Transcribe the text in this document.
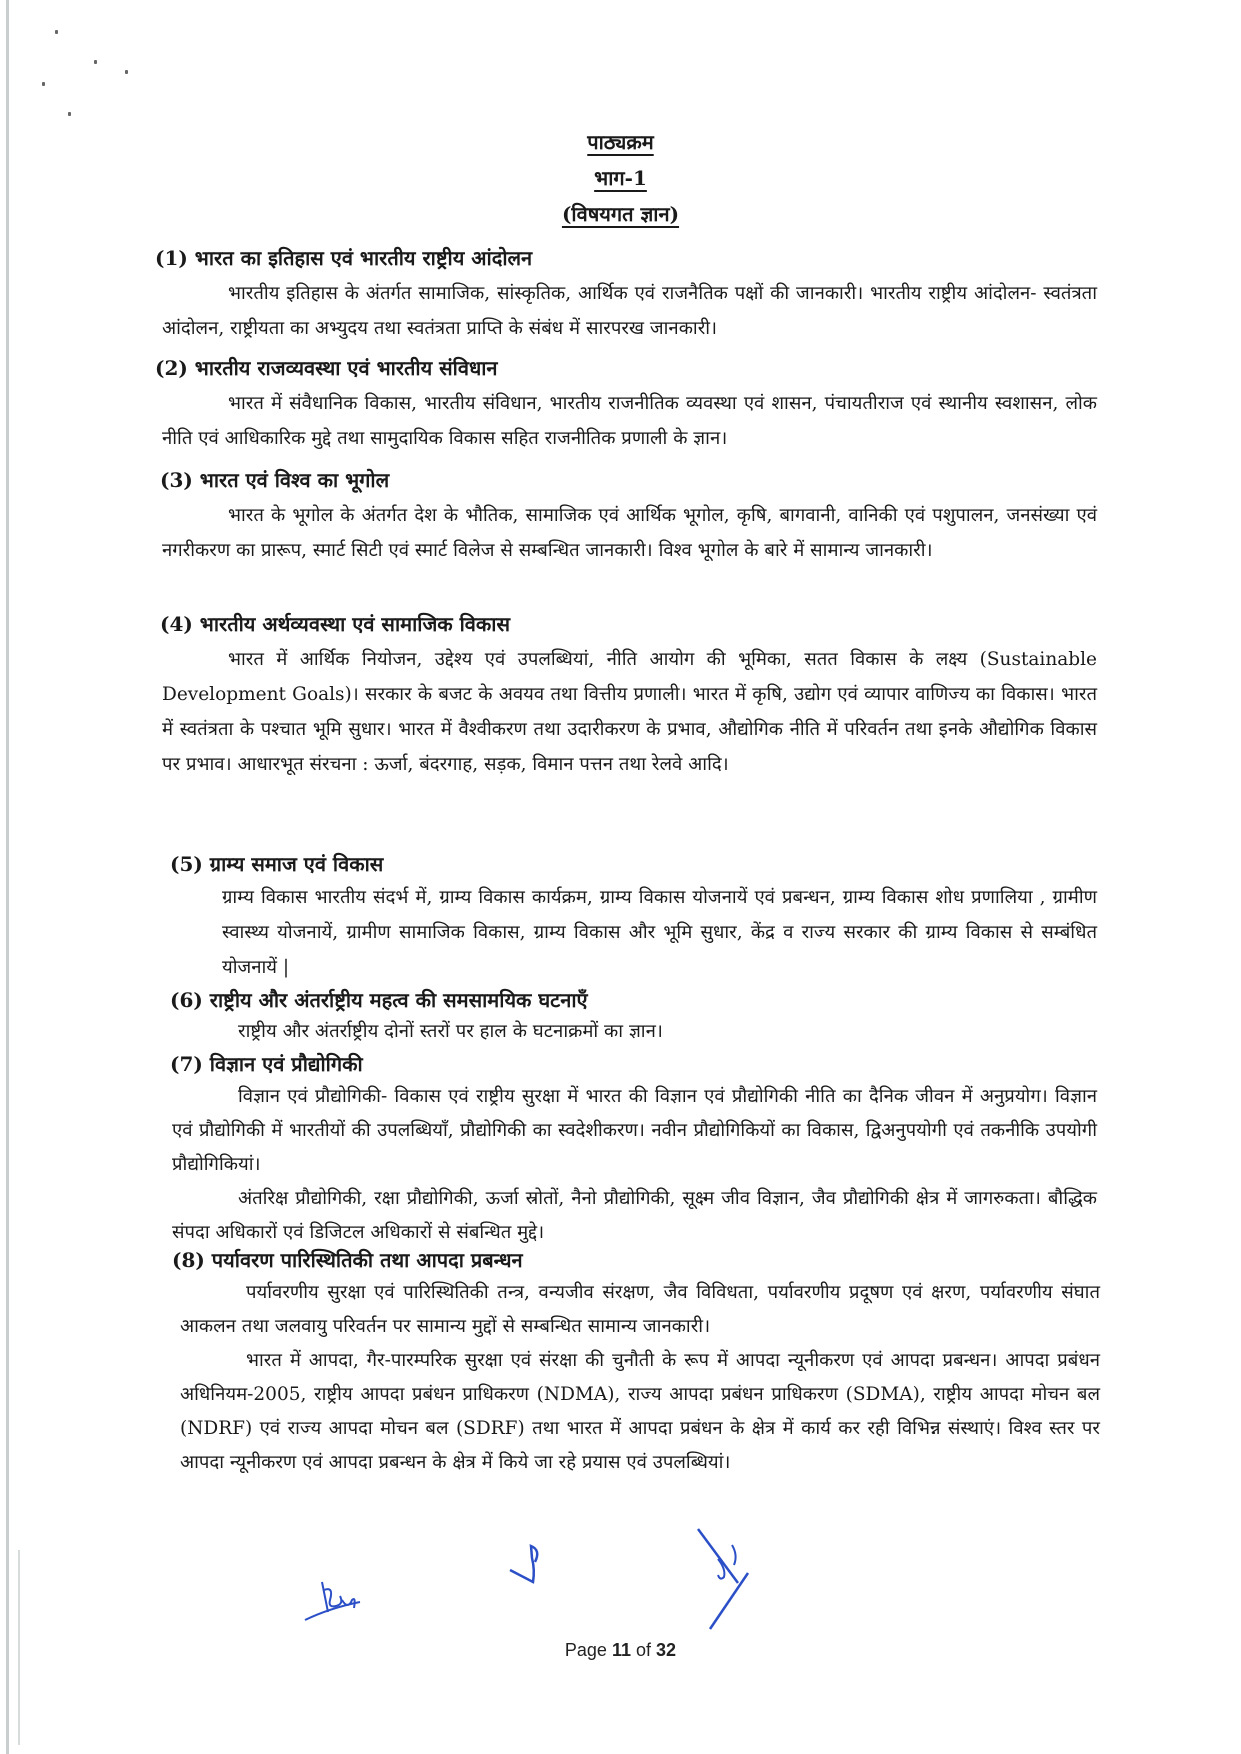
पाठ्यक्रम
भाग-1
(विषयगत ज्ञान)
(1) भारत का इतिहास एवं भारतीय राष्ट्रीय आंदोलन
भारतीय इतिहास के अंतर्गत सामाजिक, सांस्कृतिक, आर्थिक एवं राजनैतिक पक्षों की जानकारी। भारतीय राष्ट्रीय आंदोलन- स्वतंत्रता आंदोलन, राष्ट्रीयता का अभ्युदय तथा स्वतंत्रता प्राप्ति के संबंध में सारपरख जानकारी।
(2) भारतीय राजव्यवस्था एवं भारतीय संविधान
भारत में संवैधानिक विकास, भारतीय संविधान, भारतीय राजनीतिक व्यवस्था एवं शासन, पंचायतीराज एवं स्थानीय स्वशासन, लोक नीति एवं आधिकारिक मुद्दे तथा सामुदायिक विकास सहित राजनीतिक प्रणाली के ज्ञान।
(3) भारत एवं विश्व का भूगोल
भारत के भूगोल के अंतर्गत देश के भौतिक, सामाजिक एवं आर्थिक भूगोल, कृषि, बागवानी, वानिकी एवं पशुपालन, जनसंख्या एवं नगरीकरण का प्रारूप, स्मार्ट सिटी एवं स्मार्ट विलेज से सम्बन्धित जानकारी। विश्व भूगोल के बारे में सामान्य जानकारी।
(4) भारतीय अर्थव्यवस्था एवं सामाजिक विकास
भारत में आर्थिक नियोजन, उद्देश्य एवं उपलब्धियां, नीति आयोग की भूमिका, सतत विकास के लक्ष्य (Sustainable Development Goals)। सरकार के बजट के अवयव तथा वित्तीय प्रणाली। भारत में कृषि, उद्योग एवं व्यापार वाणिज्य का विकास। भारत में स्वतंत्रता के पश्चात भूमि सुधार। भारत में वैश्वीकरण तथा उदारीकरण के प्रभाव, औद्योगिक नीति में परिवर्तन तथा इनके औद्योगिक विकास पर प्रभाव। आधारभूत संरचना : ऊर्जा, बंदरगाह, सड़क, विमान पत्तन तथा रेलवे आदि।
(5) ग्राम्य समाज एवं विकास
ग्राम्य विकास भारतीय संदर्भ में, ग्राम्य विकास कार्यक्रम, ग्राम्य विकास योजनायें एवं प्रबन्धन, ग्राम्य विकास शोध प्रणालिया , ग्रामीण स्वास्थ्य योजनायें, ग्रामीण सामाजिक विकास, ग्राम्य विकास और भूमि सुधार, केंद्र व राज्य सरकार की ग्राम्य विकास से सम्बंधित योजनायें |
(6) राष्ट्रीय और अंतर्राष्ट्रीय महत्व की समसामयिक घटनाएँ
राष्ट्रीय और अंतर्राष्ट्रीय दोनों स्तरों पर हाल के घटनाक्रमों का ज्ञान।
(7) विज्ञान एवं प्रौद्योगिकी
विज्ञान एवं प्रौद्योगिकी- विकास एवं राष्ट्रीय सुरक्षा में भारत की विज्ञान एवं प्रौद्योगिकी नीति का दैनिक जीवन में अनुप्रयोग। विज्ञान एवं प्रौद्योगिकी में भारतीयों की उपलब्धियाँ, प्रौद्योगिकी का स्वदेशीकरण। नवीन प्रौद्योगिकियों का विकास, द्विअनुपयोगी एवं तकनीकि उपयोगी प्रौद्योगिकियां।
अंतरिक्ष प्रौद्योगिकी, रक्षा प्रौद्योगिकी, ऊर्जा स्रोतों, नैनो प्रौद्योगिकी, सूक्ष्म जीव विज्ञान, जैव प्रौद्योगिकी क्षेत्र में जागरुकता। बौद्धिक संपदा अधिकारों एवं डिजिटल अधिकारों से संबन्धित मुद्दे।
(8) पर्यावरण पारिस्थितिकी तथा आपदा प्रबन्धन
पर्यावरणीय सुरक्षा एवं पारिस्थितिकी तन्त्र, वन्यजीव संरक्षण, जैव विविधता, पर्यावरणीय प्रदूषण एवं क्षरण, पर्यावरणीय संघात आकलन तथा जलवायु परिवर्तन पर सामान्य मुद्दों से सम्बन्धित सामान्य जानकारी।
भारत में आपदा, गैर-पारम्परिक सुरक्षा एवं संरक्षा की चुनौती के रूप में आपदा न्यूनीकरण एवं आपदा प्रबन्धन। आपदा प्रबंधन अधिनियम-2005, राष्ट्रीय आपदा प्रबंधन प्राधिकरण (NDMA), राज्य आपदा प्रबंधन प्राधिकरण (SDMA), राष्ट्रीय आपदा मोचन बल (NDRF) एवं राज्य आपदा मोचन बल (SDRF) तथा भारत में आपदा प्रबंधन के क्षेत्र में कार्य कर रही विभिन्न संस्थाएं। विश्व स्तर पर आपदा न्यूनीकरण एवं आपदा प्रबन्धन के क्षेत्र में किये जा रहे प्रयास एवं उपलब्धियां।
Page 11 of 32
